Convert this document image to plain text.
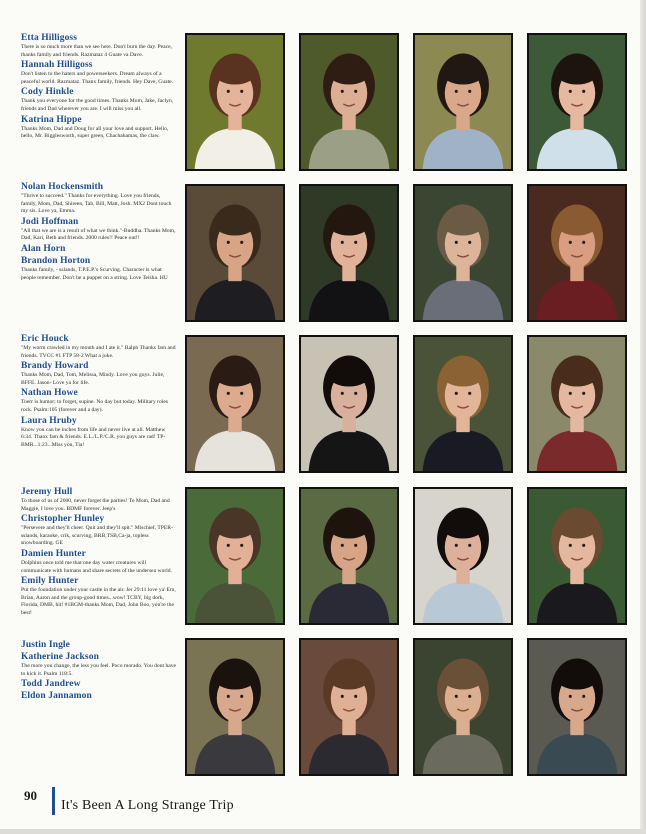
Etta Hilligoss
There is so much more than we see here. Don't burn the day. Peace, thanks family and friends. Razmataz 4 Guate va Dave.
Hannah Hilligoss
Don't listen to the haters and powerseekers. Dream always of a peaceful world. Razmataz. Thanx family, friends. Hey Dave, Guate.
Cody Hinkle
Thank you everyone for the good times. Thanks Mom, Jake, Jaclyn, friends and Dad wherever you are. I will miss you all.
Katrina Hippe
Thanks Mom, Dad and Doug for all your love and support. Hello, hello, Mr. Bigglesworth, super green, Chachahamas, the claw.
Nolan Hockensmith
"Thrive to succeed." Thanks for everything. Love you friends, family, Mom, Dad, Shireen, Tab, Bill, Matt, Josh. MX2 Dont touch my sis. Love ya, Emma.
Jodi Hoffman
"All that we are is a result of what we think."-Buddha. Thanks Mom, Dad, Kari, Beth and friends. 2000 rules!! Peace out!!
Alan Horn
Brandon Horton
Thanks family, - sslands, T.P.E.P.'s Scurving. Character is what people remember. Don't be a puppet on a string. Love Teisha. HU
Eric Houck
"My worm crawled in my mouth and I ate it." Ralph Thanks fam and friends. TVCC #1 FTP 58-2 What a joke.
Brandy Howard
Thanks Mom, Dad, Tom, Melissa, Mindy. Love you guys. Julie, BFFE. Jason- Love ya for life.
Nathan Howe
Toerr is humor; to forget, supine. No day but today. Military roles rock. Psalm:105 (forever and a day).
Laura Hruby
Know you can be inches from life and never live at all. Matthew 6:34. Thanx fam & friends. E.L./L.P./C.R. you guys are rad! TP-BMR...1:23...Miss you, Tia!
Jeremy Hull
To those of us of 2000, never forget the parties! To Mom, Dad and Maggie, I love you. BDMF forever. Jeep's
Christopher Hunley
"Persevere and they'll cheer. Quit and they'll spit." Mischief, TPER- sslands, karaoke, crik, scurving, BRB,TSB,Ca-ja, topless snowboarding. GE
Damien Hunter
Dolphins once told me that one day water creatures will communicate with humans and share secrets of the undersea world.
Emily Hunter
Put the foundation under your castle in the air. Jer 29:11 love ya' Em, Brian, Aaron and the group-good times...wow! TCBY, big dork, Florida, DMB, hit! #1BGM-thanks Mom, Dad, John Boo, you're the best!
Justin Ingle
Katherine Jackson
The more you change, the less you feel. Poco morado. You dont have to kick it. Psalm 118:5.
Todd Jandrew
Eldon Jannamon
90
It's Been A Long Strange Trip
